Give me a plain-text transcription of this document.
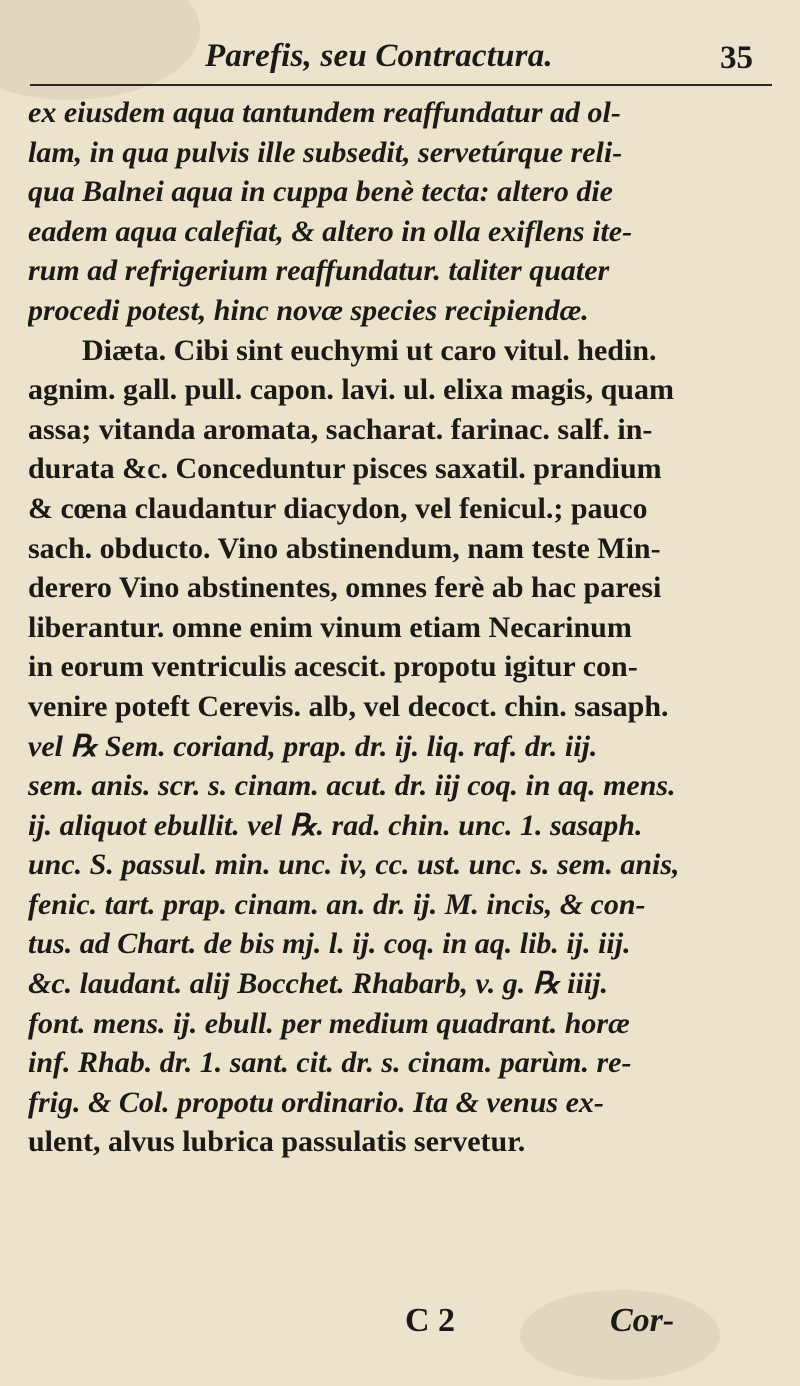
Parefis, seu Contractura.	35
ex eiusdem aqua tantundem reaffundatur ad ol-
lam, in qua pulvis ille subsedit, servetúrque reli-
qua Balnei aqua in cuppa benè tecta: altero die
eadem aqua calefiat, & altero in olla exiflens ite-
rum ad refrigerium reaffundatur. taliter quater
procedi potest, hinc novæ species recipiendæ.
Diæta. Cibi sint euchymi ut caro vitul. hedin.
agnim. gall. pull. capon. lavi. ul. elixa magis, quam
assa; vitanda aromata, sacharat. farinac. salf. in-
durata &c. Conceduntur pisces saxatil. prandium
& cœna claudantur diacydon, vel fenicul.; pauco
sach. obducto. Vino abstinendum, nam teste Min-
derero Vino abstinentes, omnes ferè ab hac paresi
liberantur. omne enim vinum etiam Necarinum
in eorum ventriculis acescit. propotu igitur con-
venire poteft Cerevis. alb, vel decoct. chin. sasaph.
vel ℞ Sem. coriand, prap. dr. ij. liq. raf. dr. iij.
sem. anis. scr. s. cinam. acut. dr. iij coq. in aq. mens.
ij. aliquot ebullit. vel ℞. rad. chin. unc. 1. sasaph.
unc. S. passul. min. unc. iv, cc. ust. unc. s. sem. anis,
fenic. tart. prap. cinam. an. dr. ij. M. incis, & con-
tus. ad Chart. de bis mj. l. ij. coq. in aq. lib. ij. iij.
&c. laudant. alij Bocchet. Rhabarb, v. g. ℞ iiij.
font. mens. ij. ebull. per medium quadrant. horæ
inf. Rhab. dr. 1. sant. cit. dr. s. cinam. parùm. re-
frig. & Col. propotu ordinario. Ita & venus ex-
ulent, alvus lubrica passulatis servetur.
C 2	Cor-
